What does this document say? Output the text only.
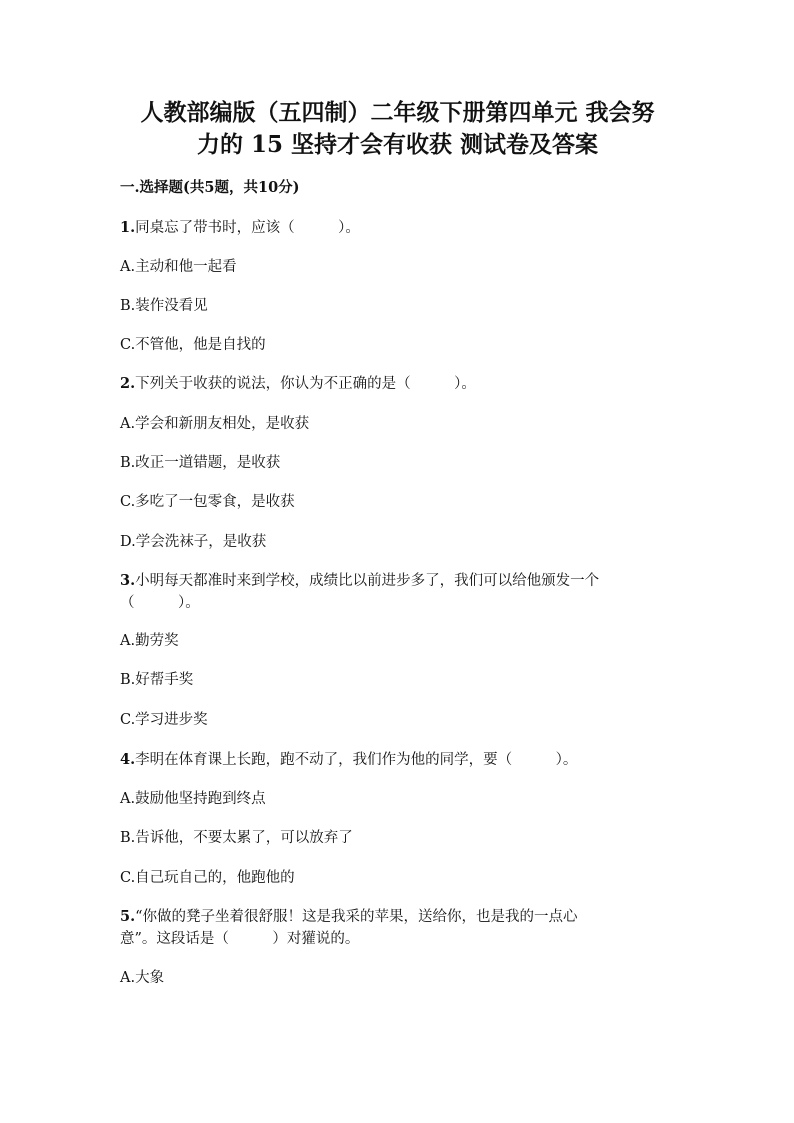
人教部编版（五四制）二年级下册第四单元 我会努
力的 15 坚持才会有收获 测试卷及答案
一.选择题(共5题，共10分)
1.同桌忘了带书时，应该（　　　）。
A.主动和他一起看
B.装作没看见
C.不管他，他是自找的
2.下列关于收获的说法，你认为不正确的是（　　　）。
A.学会和新朋友相处，是收获
B.改正一道错题，是收获
C.多吃了一包零食，是收获
D.学会洗袜子，是收获
3.小明每天都准时来到学校，成绩比以前进步多了，我们可以给他颁发一个
（　　　）。
A.勤劳奖
B.好帮手奖
C.学习进步奖
4.李明在体育课上长跑，跑不动了，我们作为他的同学，要（　　　）。
A.鼓励他坚持跑到终点
B.告诉他，不要太累了，可以放弃了
C.自己玩自己的，他跑他的
5.“你做的凳子坐着很舒服！这是我采的苹果，送给你，也是我的一点心
意”。这段话是（　　　）对獾说的。
A.大象
